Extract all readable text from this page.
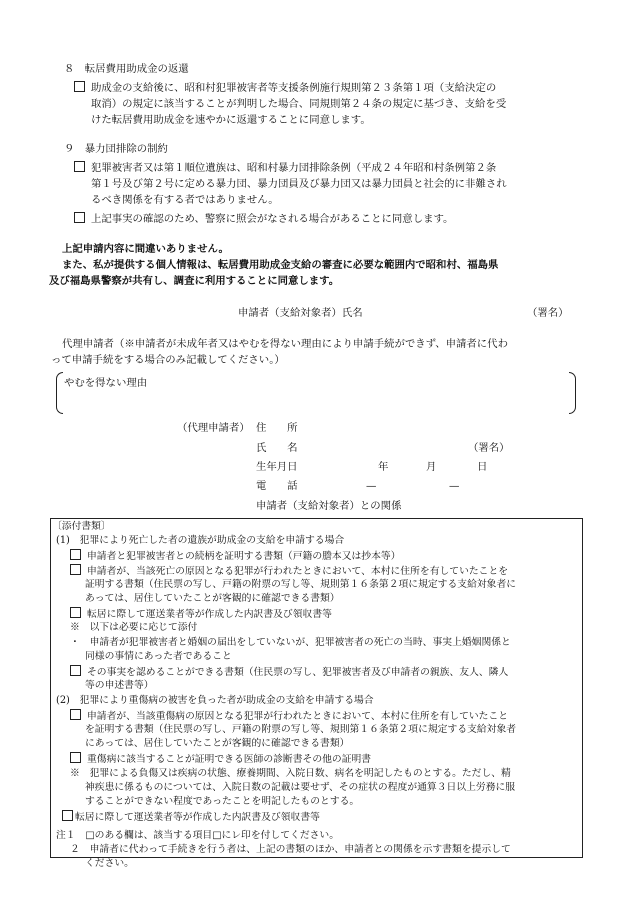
８　転居費用助成金の返還
助成金の支給後に、昭和村犯罪被害者等支援条例施行規則第２３条第１項（支給決定の
取消）の規定に該当することが判明した場合、同規則第２４条の規定に基づき、支給を受
けた転居費用助成金を速やかに返還することに同意します。
９　暴力団排除の制約
犯罪被害者又は第１順位遺族は、昭和村暴力団排除条例（平成２４年昭和村条例第２条
第１号及び第２号に定める暴力団、暴力団員及び暴力団又は暴力団員と社会的に非難され
るべき関係を有する者ではありません。
上記事実の確認のため、警察に照会がなされる場合があることに同意します。
上記申請内容に間違いありません。
また、私が提供する個人情報は、転居費用助成金支給の審査に必要な範囲内で昭和村、福島県
及び福島県警察が共有し、調査に利用することに同意します。
申請者（支給対象者）氏名	（署名）
代理申請者（※申請者が未成年者又はやむを得ない理由により申請手続ができず、申請者に代わ
って申請手続をする場合のみ記載してください。）
やむを得ない理由
（代理申請者） 住　　所
氏　　名	（署名）
生年月日	年	月	日
電　　話	—	—
申請者（支給対象者）との関係
〔添付書類〕
(1)　犯罪により死亡した者の遺族が助成金の支給を申請する場合
申請者と犯罪被害者との続柄を証明する書類（戸籍の謄本又は抄本等）
申請者が、当該死亡の原因となる犯罪が行われたときにおいて、本村に住所を有していたことを
証明する書類（住民票の写し、戸籍の附票の写し等、規則第１６条第２項に規定する支給対象者に
あっては、居住していたことが客観的に確認できる書類）
転居に際して運送業者等が作成した内訳書及び領収書等
※　以下は必要に応じて添付
・　申請者が犯罪被害者と婚姻の届出をしていないが、犯罪被害者の死亡の当時、事実上婚姻関係と
同様の事情にあった者であること
その事実を認めることができる書類（住民票の写し、犯罪被害者及び申請者の親族、友人、隣人
等の申述書等）
(2)　犯罪により重傷病の被害を負った者が助成金の支給を申請する場合
申請者が、当該重傷病の原因となる犯罪が行われたときにおいて、本村に住所を有していたこと
を証明する書類（住民票の写し、戸籍の附票の写し等、規則第１６条第２項に規定する支給対象者
にあっては、居住していたことが客観的に確認できる書類）
重傷病に該当することが証明できる医師の診断書その他の証明書
※　犯罪による負傷又は疾病の状態、療養期間、入院日数、病名を明記したものとする。ただし、精
神疾患に係るものについては、入院日数の記載は要せず、その症状の程度が通算３日以上労務に服
することができない程度であったことを明記したものとする。
転居に際して運送業者等が作成した内訳書及び領収書等
注１　□のある欄は、該当する項目□にレ印を付してください。
２　申請者に代わって手続きを行う者は、上記の書類のほか、申請者との関係を示す書類を提示して
ください。
